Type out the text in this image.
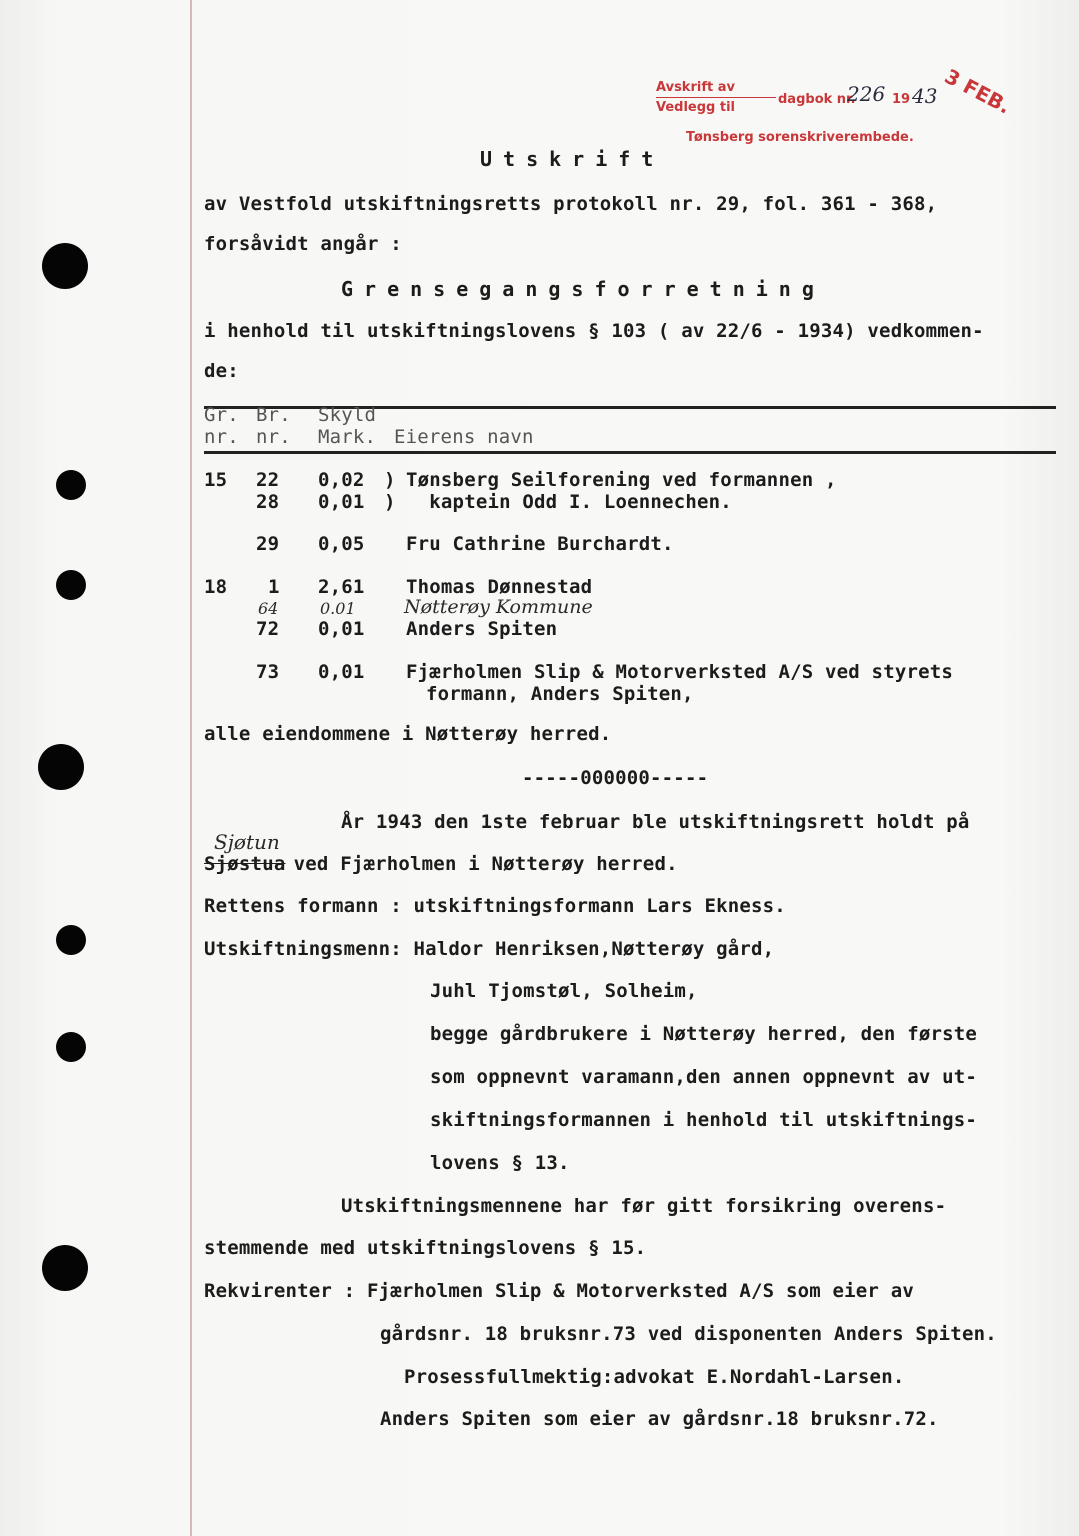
Avskrift av
Vedlegg til
dagbok nr.
226 19 43 3 FEB.
Tønsberg sorenskriverembede.
Utskrift
av Vestfold utskiftningsretts protokoll nr. 29, fol. 361 - 368,
forsåvidt angår :
Grensegangsforretning
i henhold til utskiftningslovens § 103 ( av 22/6 - 1934) vedkommen-
de:
Gr.
nr.
Br.
nr.
Skyld
Mark. Eierens navn
15 22 0,02 ) Tønsberg Seilforening ved formannen ,
28 0,01 ) kaptein Odd I. Loennechen.
29 0,05 Fru Cathrine Burchardt.
18 1 2,61 Thomas Dønnestad
64	0.01	Nøtterøy Kommune
72 0,01 Anders Spiten
73 0,01 Fjærholmen Slip & Motorverksted A/S ved styrets
formann, Anders Spiten,
alle eiendommene i Nøtterøy herred.
-----000000-----
År 1943 den 1ste februar ble utskiftningsrett holdt på
Sjøtun
Sjøstua
ved Fjærholmen i Nøtterøy herred.
Rettens formann : utskiftningsformann Lars Ekness.
Utskiftningsmenn: Haldor Henriksen,Nøtterøy gård,
Juhl Tjomstøl, Solheim,
begge gårdbrukere i Nøtterøy herred, den første
som oppnevnt varamann,den annen oppnevnt av ut-
skiftningsformannen i henhold til utskiftnings-
lovens § 13.
Utskiftningsmennene har før gitt forsikring overens-
stemmende med utskiftningslovens § 15.
Rekvirenter : Fjærholmen Slip & Motorverksted A/S som eier av
gårdsnr. 18 bruksnr.73 ved disponenten Anders Spiten.
Prosessfullmektig:advokat E.Nordahl-Larsen.
Anders Spiten som eier av gårdsnr.18 bruksnr.72.
